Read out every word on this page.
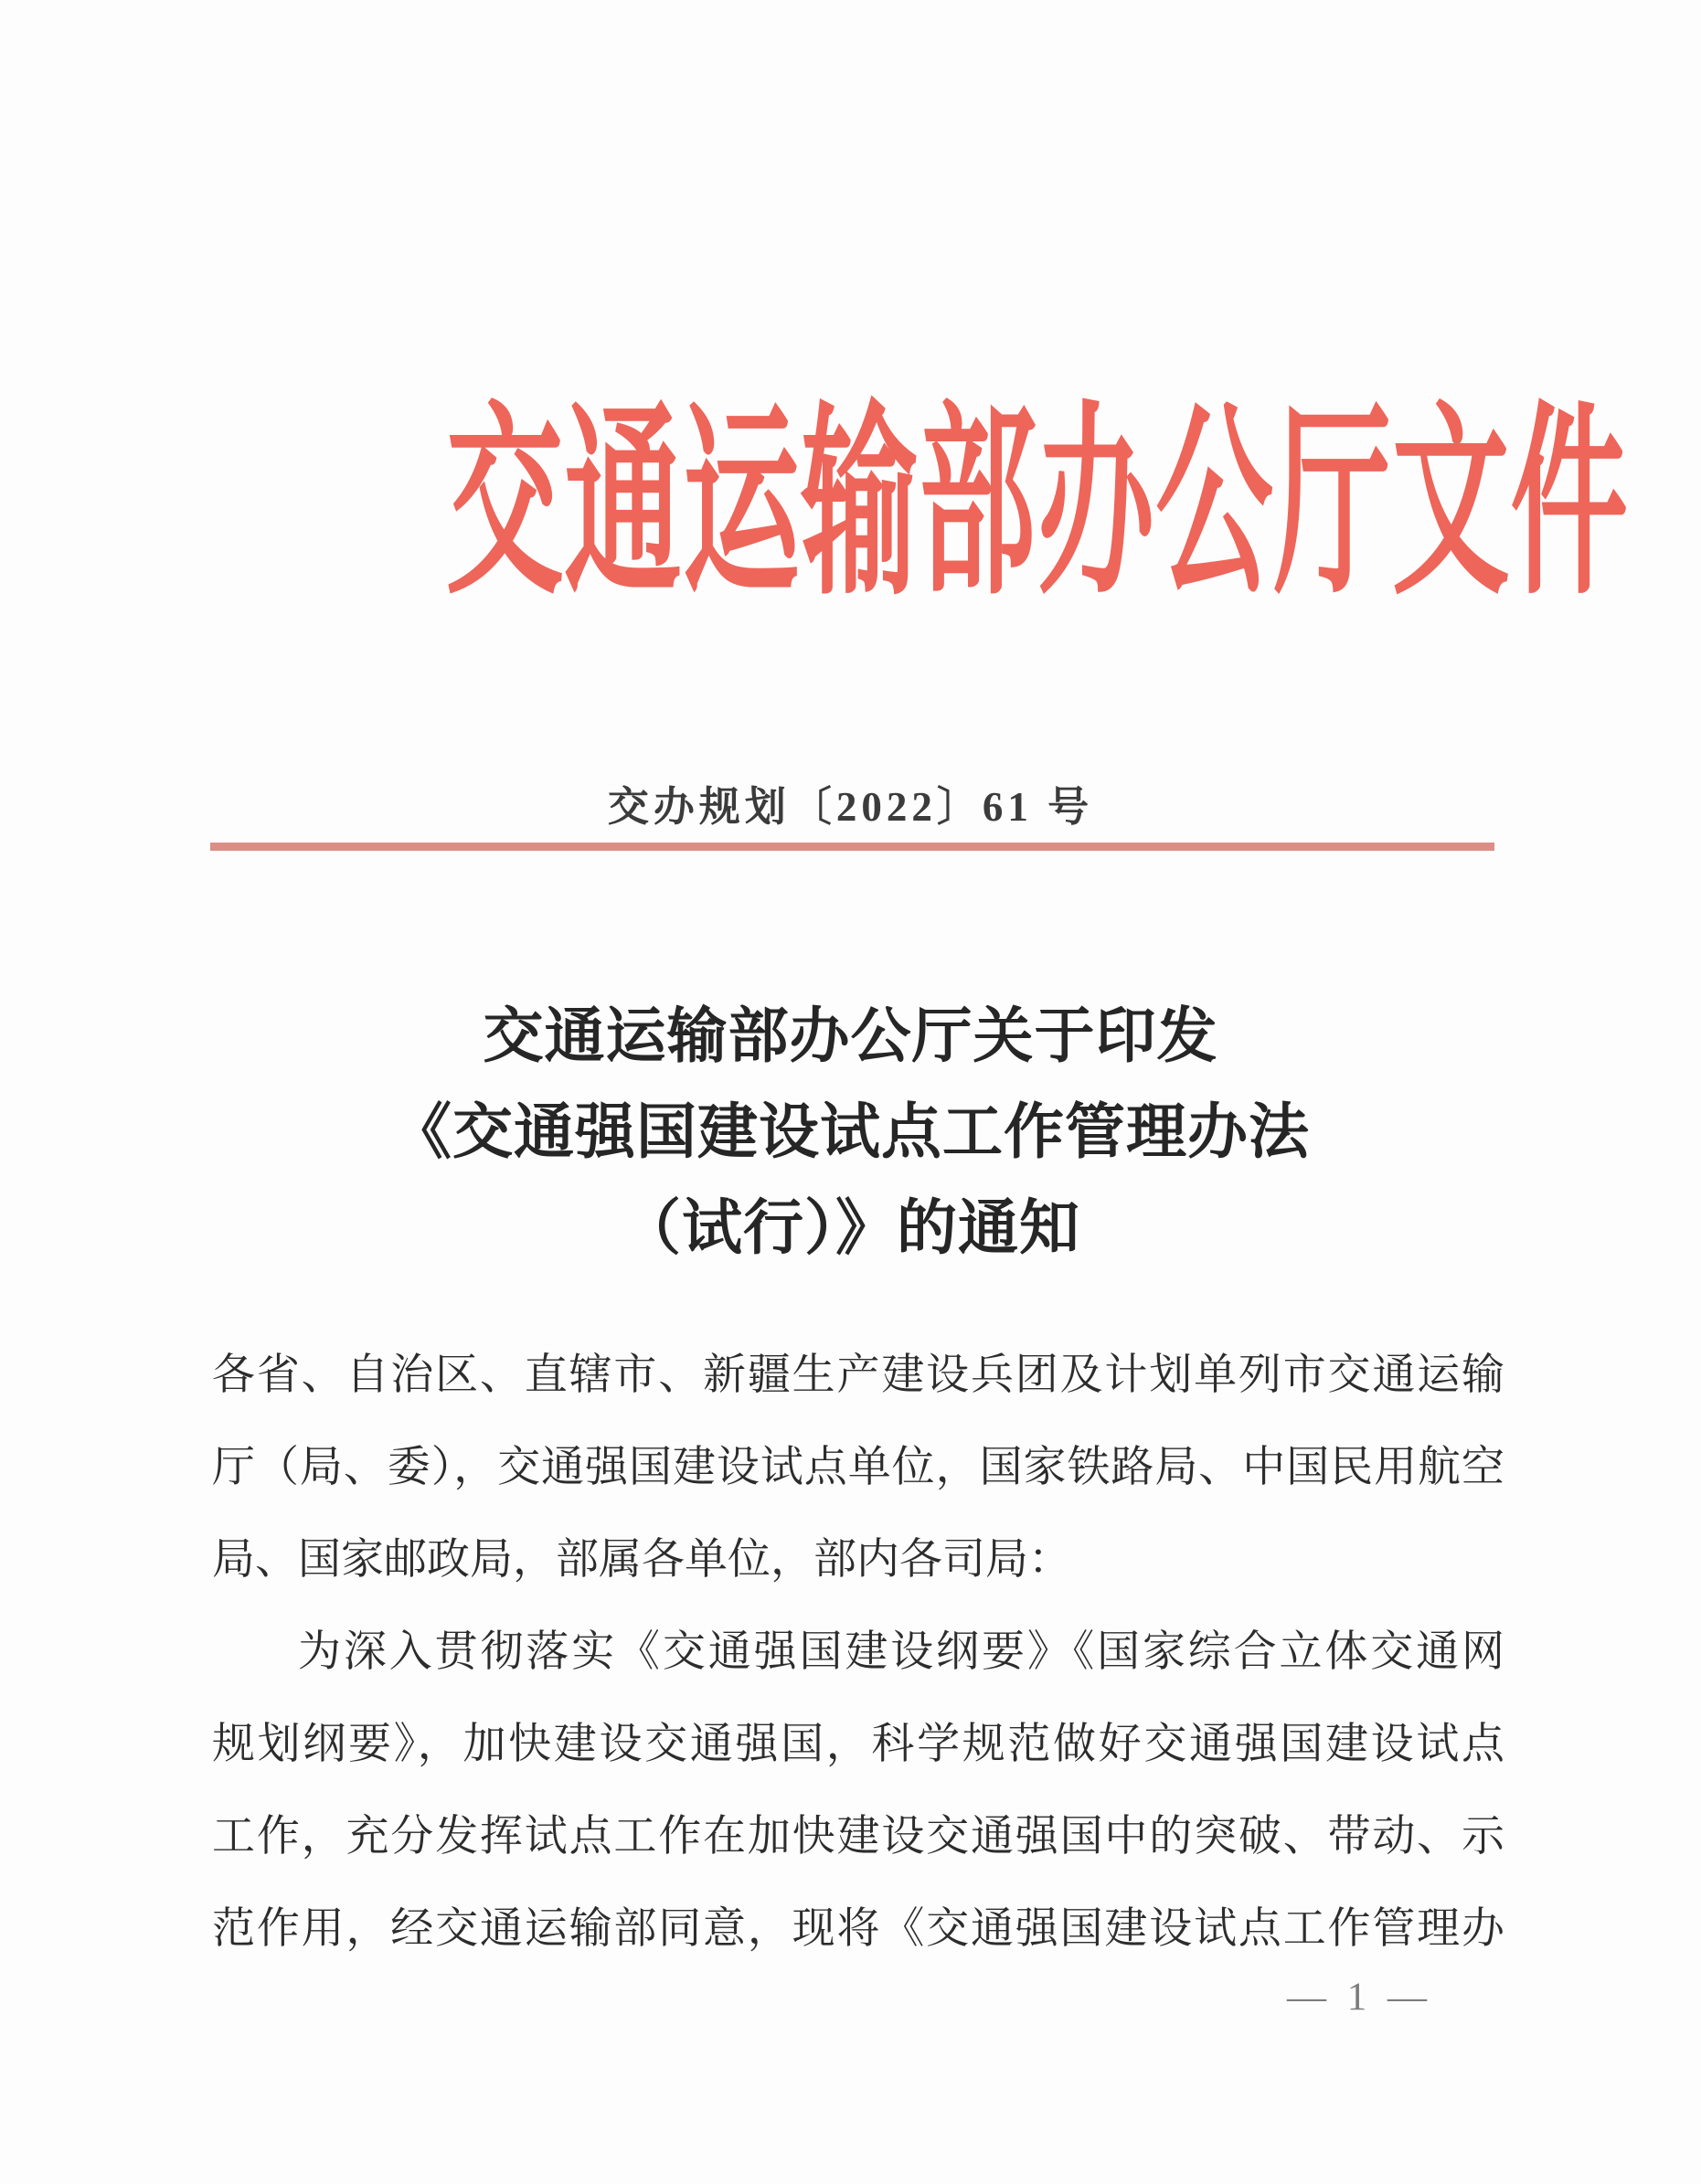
交通运输部办公厅文件
交办规划〔2022〕61 号
交通运输部办公厅关于印发
《交通强国建设试点工作管理办法
（试行）》的通知
各省、自治区、直辖市、新疆生产建设兵团及计划单列市交通运输
厅（局、委），交通强国建设试点单位，国家铁路局、中国民用航空
局、国家邮政局，部属各单位，部内各司局：
为深入贯彻落实《交通强国建设纲要》《国家综合立体交通网
规划纲要》，加快建设交通强国，科学规范做好交通强国建设试点
工作，充分发挥试点工作在加快建设交通强国中的突破、带动、示
范作用，经交通运输部同意，现将《交通强国建设试点工作管理办
— 1 —
